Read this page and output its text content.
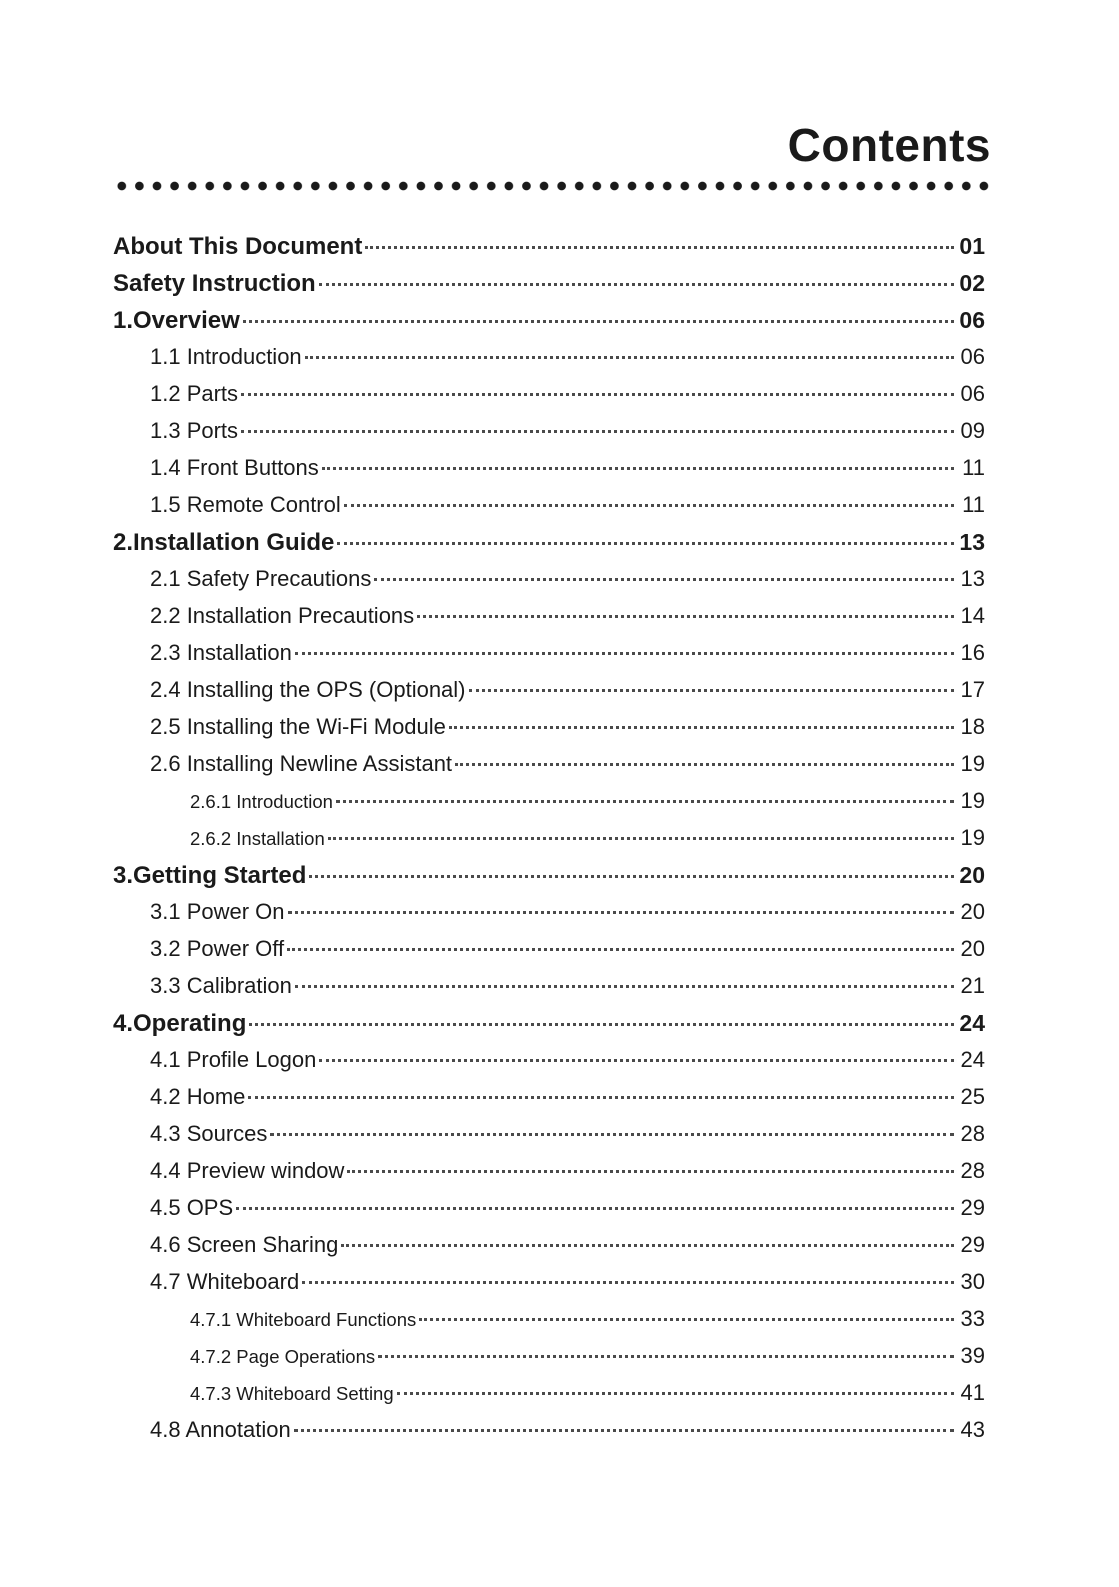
Contents
About This Document	01
Safety Instruction	02
1.Overview	06
1.1 Introduction	06
1.2 Parts	06
1.3 Ports	09
1.4 Front Buttons	11
1.5 Remote Control	11
2.Installation Guide	13
2.1 Safety Precautions	13
2.2 Installation Precautions	14
2.3 Installation	16
2.4 Installing the OPS (Optional)	17
2.5 Installing the Wi-Fi Module	18
2.6 Installing Newline Assistant	19
2.6.1 Introduction	19
2.6.2 Installation	19
3.Getting Started	20
3.1 Power On	20
3.2 Power Off	20
3.3 Calibration	21
4.Operating	24
4.1 Profile Logon	24
4.2 Home	25
4.3 Sources	28
4.4 Preview window	28
4.5 OPS	29
4.6 Screen Sharing	29
4.7 Whiteboard	30
4.7.1 Whiteboard Functions	33
4.7.2 Page Operations	39
4.7.3 Whiteboard Setting	41
4.8 Annotation	43
